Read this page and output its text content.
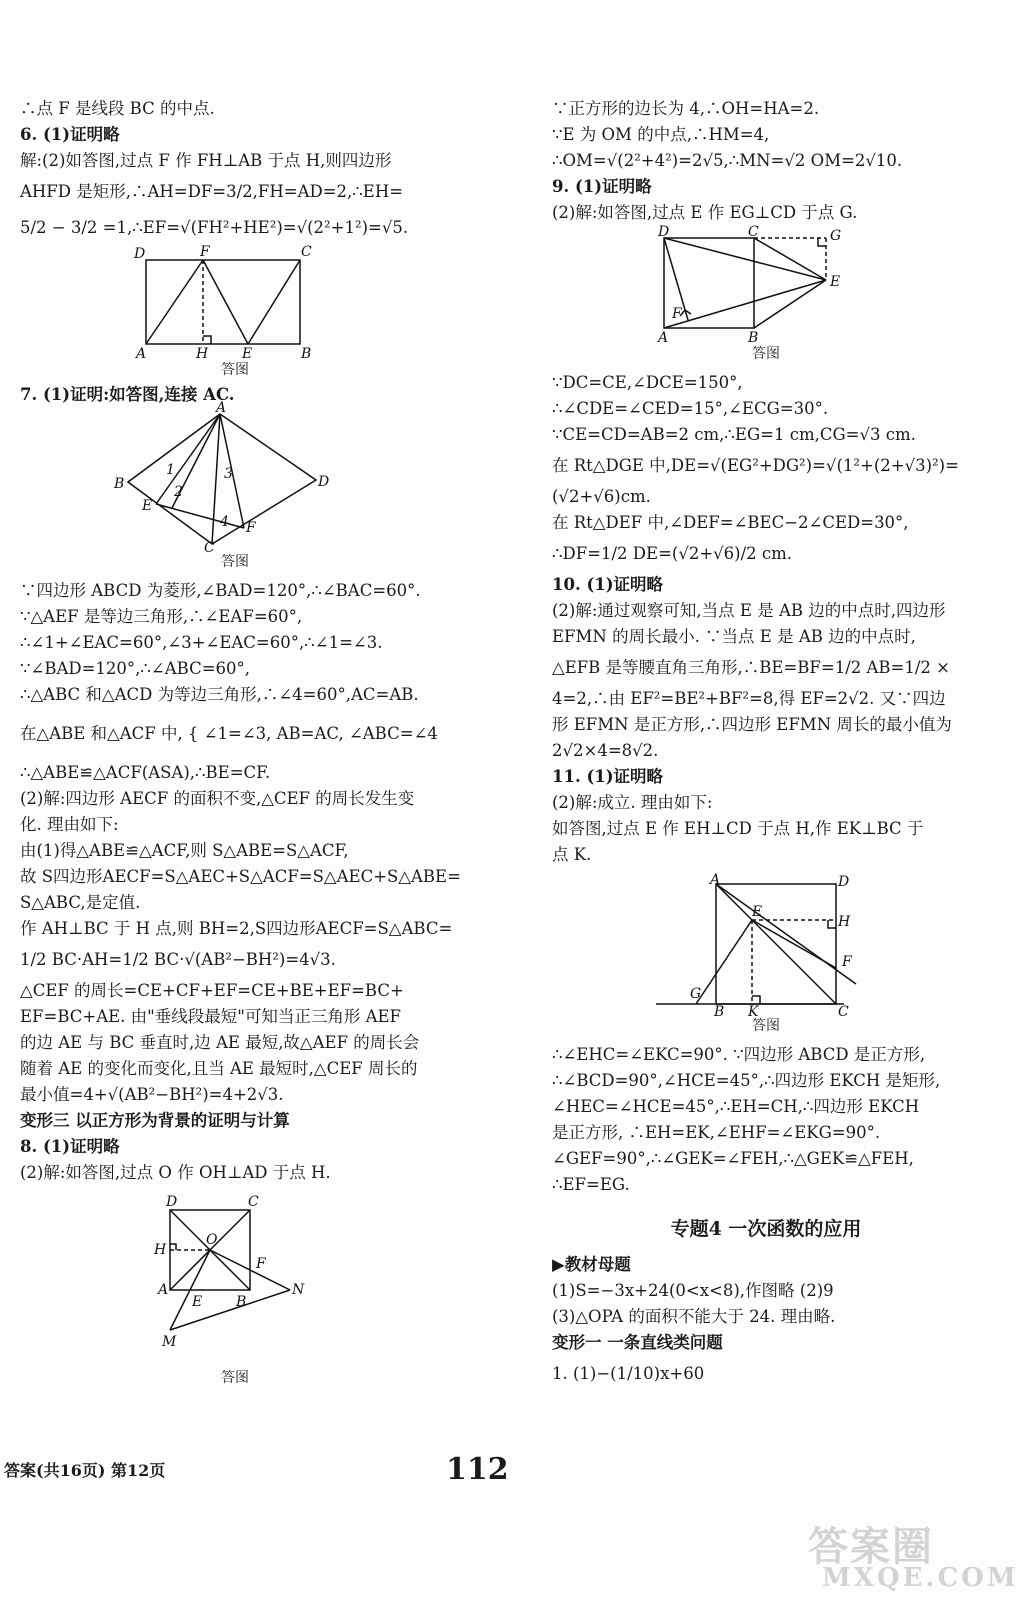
∴点 F 是线段 BC 的中点.
6. (1)证明略
解:(2)如答图,过点 F 作 FH⊥AB 于点 H,则四边形
AHFD 是矩形,∴AH=DF=3/2,FH=AD=2,∴EH=
5/2 − 3/2 =1,∴EF=√(FH²+HE²)=√(2²+1²)=√5.
D	F	C
A	H E	B
答图
7. (1)证明:如答图,连接 AC.
A
B	D
E
F
C
1
2
3
4
答图
∵四边形 ABCD 为菱形,∠BAD=120°,∴∠BAC=60°.
∵△AEF 是等边三角形,∴∠EAF=60°,
∴∠1+∠EAC=60°,∠3+∠EAC=60°,∴∠1=∠3.
∵∠BAD=120°,∴∠ABC=60°,
∴△ABC 和△ACD 为等边三角形,∴∠4=60°,AC=AB.
在△ABE 和△ACF 中, { ∠1=∠3, AB=AC, ∠ABC=∠4
∴△ABE≌△ACF(ASA),∴BE=CF.
(2)解:四边形 AECF 的面积不变,△CEF 的周长发生变
化. 理由如下:
由(1)得△ABE≌△ACF,则 S△ABE=S△ACF,
故 S四边形AECF=S△AEC+S△ACF=S△AEC+S△ABE=
S△ABC,是定值.
作 AH⊥BC 于 H 点,则 BH=2,S四边形AECF=S△ABC=
1/2 BC·AH=1/2 BC·√(AB²−BH²)=4√3.
△CEF 的周长=CE+CF+EF=CE+BE+EF=BC+
EF=BC+AE. 由"垂线段最短"可知当正三角形 AEF
的边 AE 与 BC 垂直时,边 AE 最短,故△AEF 的周长会
随着 AE 的变化而变化,且当 AE 最短时,△CEF 周长的
最小值=4+√(AB²−BH²)=4+2√3.
变形三 以正方形为背景的证明与计算
8. (1)证明略
(2)解:如答图,过点 O 作 OH⊥AD 于点 H.
D	C
H
O
F
A
E B
N
M
答图
∵正方形的边长为 4,∴OH=HA=2.
∵E 为 OM 的中点,∴HM=4,
∴OM=√(2²+4²)=2√5,∴MN=√2 OM=2√10.
9. (1)证明略
(2)解:如答图,过点 E 作 EG⊥CD 于点 G.
D	C	G
E
F
A	B
答图
∵DC=CE,∠DCE=150°,
∴∠CDE=∠CED=15°,∠ECG=30°.
∵CE=CD=AB=2 cm,∴EG=1 cm,CG=√3 cm.
在 Rt△DGE 中,DE=√(EG²+DG²)=√(1²+(2+√3)²)=
(√2+√6)cm.
在 Rt△DEF 中,∠DEF=∠BEC−2∠CED=30°,
∴DF=1/2 DE=(√2+√6)/2 cm.
10. (1)证明略
(2)解:通过观察可知,当点 E 是 AB 边的中点时,四边形
EFMN 的周长最小. ∵当点 E 是 AB 边的中点时,
△EFB 是等腰直角三角形,∴BE=BF=1/2 AB=1/2 ×
4=2,∴由 EF²=BE²+BF²=8,得 EF=2√2. 又∵四边
形 EFMN 是正方形,∴四边形 EFMN 周长的最小值为
2√2×4=8√2.
11. (1)证明略
(2)解:成立. 理由如下:
如答图,过点 E 作 EH⊥CD 于点 H,作 EK⊥BC 于
点 K.
A	D
E
H
F
G
B K	C
答图
∴∠EHC=∠EKC=90°. ∵四边形 ABCD 是正方形,
∴∠BCD=90°,∠HCE=45°,∴四边形 EKCH 是矩形,
∠HEC=∠HCE=45°,∴EH=CH,∴四边形 EKCH
是正方形, ∴EH=EK,∠EHF=∠EKG=90°.
∠GEF=90°,∴∠GEK=∠FEH,∴△GEK≌△FEH,
∴EF=EG.
专题4 一次函数的应用
▶教材母题
(1)S=−3x+24(0<x<8),作图略 (2)9
(3)△OPA 的面积不能大于 24. 理由略.
变形一 一条直线类问题
1. (1)−(1/10)x+60
答案(共16页) 第12页	112
答案圈
MXQE.COM
